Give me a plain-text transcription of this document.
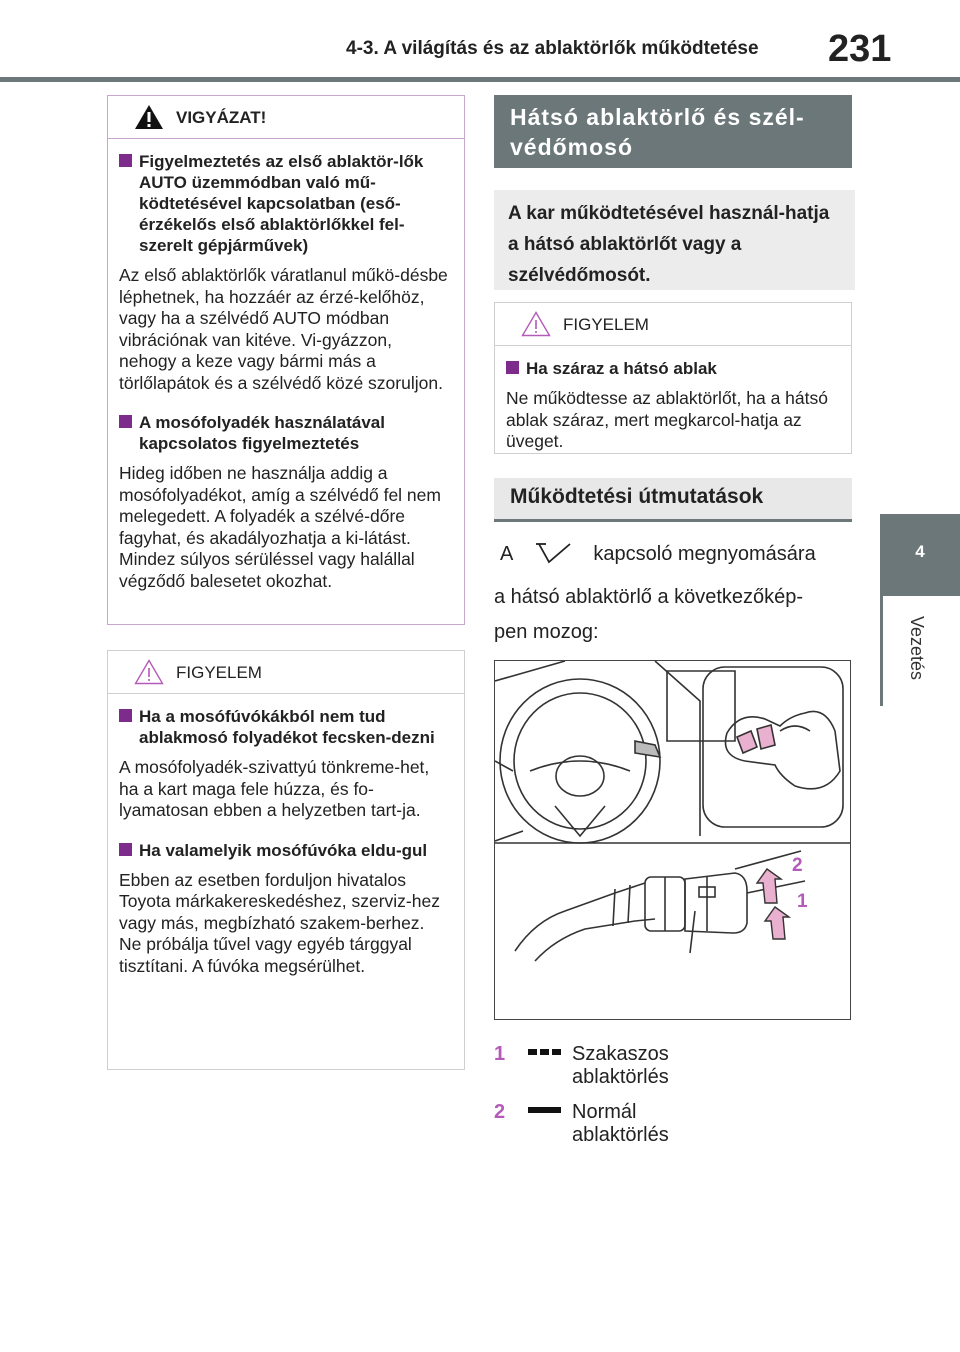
4-3. A világítás és az ablaktörlők működtetése 231
4
Vezetés
VIGYÁZAT!
Figyelmeztetés az első ablaktör-lők AUTO üzemmódban való mű-ködtetésével kapcsolatban (eső-érzékelős első ablaktörlőkkel fel-szerelt gépjárművek)
Az első ablaktörlők váratlanul műkö-désbe léphetnek, ha hozzáér az érzé-kelőhöz, vagy ha a szélvédő AUTO módban vibrációnak van kitéve. Vi-gyázzon, nehogy a keze vagy bármi más a törlőlapátok és a szélvédő közé szoruljon.
A mosófolyadék használatával kapcsolatos figyelmeztetés
Hideg időben ne használja addig a mosófolyadékot, amíg a szélvédő fel nem melegedett. A folyadék a szélvé-dőre fagyhat, és akadályozhatja a ki-látást. Mindez súlyos sérüléssel vagy halállal végződő balesetet okozhat.
FIGYELEM
Ha a mosófúvókákból nem tud ablakmosó folyadékot fecsken-dezni
A mosófolyadék-szivattyú tönkreme-het, ha a kart maga fele húzza, és fo-lyamatosan ebben a helyzetben tart-ja.
Ha valamelyik mosófúvóka eldu-gul
Ebben az esetben forduljon hivatalos Toyota márkakereskedéshez, szerviz-hez vagy más, megbízható szakem-berhez.
Ne próbálja tűvel vagy egyéb tárggyal tisztítani. A fúvóka megsérülhet.
Hátsó ablaktörlő és szél-védőmosó
A kar működtetésével használ-hatja a hátsó ablaktörlőt vagy a szélvédőmosót.
FIGYELEM
Ha száraz a hátsó ablak
Ne működtesse az ablaktörlőt, ha a hátsó ablak száraz, mert megkarcol-hatja az üveget.
Működtetési útmutatások
A	kapcsoló megnyomására
a hátsó ablaktörlő a következőkép-
pen mozog:
2
1
1	Szakaszos ablaktörlés
2	Normál ablaktörlés
